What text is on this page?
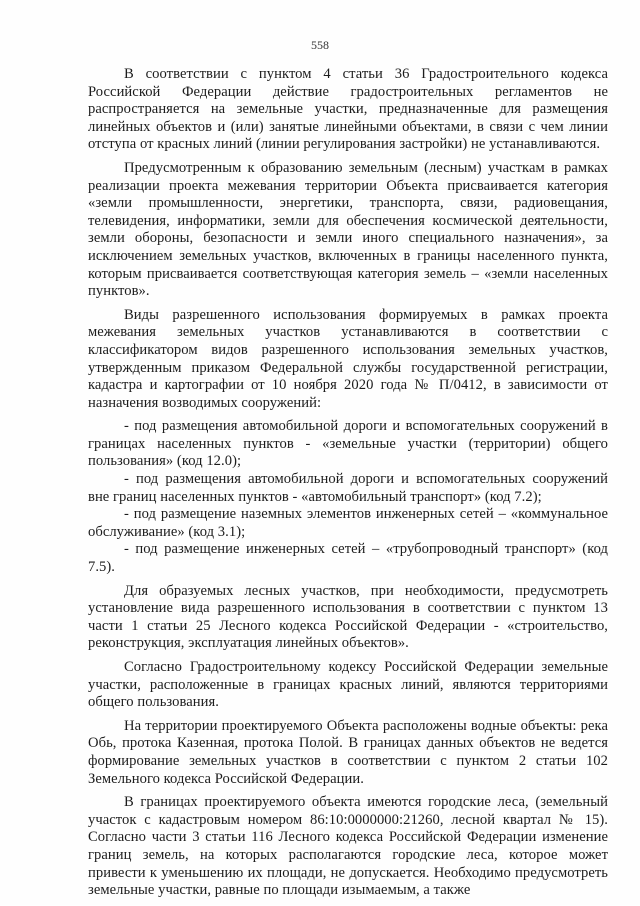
558

В соответствии с пунктом 4 статьи 36 Градостроительного кодекса Российской Федерации действие градостроительных регламентов не распространяется на земельные участки, предназначенные для размещения линейных объектов и (или) занятые линейными объектами, в связи с чем линии отступа от красных линий (линии регулирования застройки) не устанавливаются.

Предусмотренным к образованию земельным (лесным) участкам в рамках реализации проекта межевания территории Объекта присваивается категория «земли промышленности, энергетики, транспорта, связи, радиовещания, телевидения, информатики, земли для обеспечения космической деятельности, земли обороны, безопасности и земли иного специального назначения», за исключением земельных участков, включенных в границы населенного пункта, которым присваивается соответствующая категория земель – «земли населенных пунктов».

Виды разрешенного использования формируемых в рамках проекта межевания земельных участков устанавливаются в соответствии с классификатором видов разрешенного использования земельных участков, утвержденным приказом Федеральной службы государственной регистрации, кадастра и картографии от 10 ноября 2020 года № П/0412, в зависимости от назначения возводимых сооружений:

- под размещения автомобильной дороги и вспомогательных сооружений в границах населенных пунктов - «земельные участки (территории) общего пользования» (код 12.0);

- под размещения автомобильной дороги и вспомогательных сооружений вне границ населенных пунктов - «автомобильный транспорт» (код 7.2);

- под размещение наземных элементов инженерных сетей – «коммунальное обслуживание» (код 3.1);

- под размещение инженерных сетей – «трубопроводный транспорт» (код 7.5).

Для образуемых лесных участков, при необходимости, предусмотреть установление вида разрешенного использования в соответствии с пунктом 13 части 1 статьи 25 Лесного кодекса Российской Федерации - «строительство, реконструкция, эксплуатация линейных объектов».

Согласно Градостроительному кодексу Российской Федерации земельные участки, расположенные в границах красных линий, являются территориями общего пользования.

На территории проектируемого Объекта расположены водные объекты: река Обь, протока Казенная, протока Полой. В границах данных объектов не ведется формирование земельных участков в соответствии с пунктом 2 статьи 102 Земельного кодекса Российской Федерации.

В границах проектируемого объекта имеются городские леса, (земельный участок с кадастровым номером 86:10:0000000:21260, лесной квартал № 15). Согласно части 3 статьи 116 Лесного кодекса Российской Федерации изменение границ земель, на которых располагаются городские леса, которое может привести к уменьшению их площади, не допускается. Необходимо предусмотреть земельные участки, равные по площади изымаемым, а также
